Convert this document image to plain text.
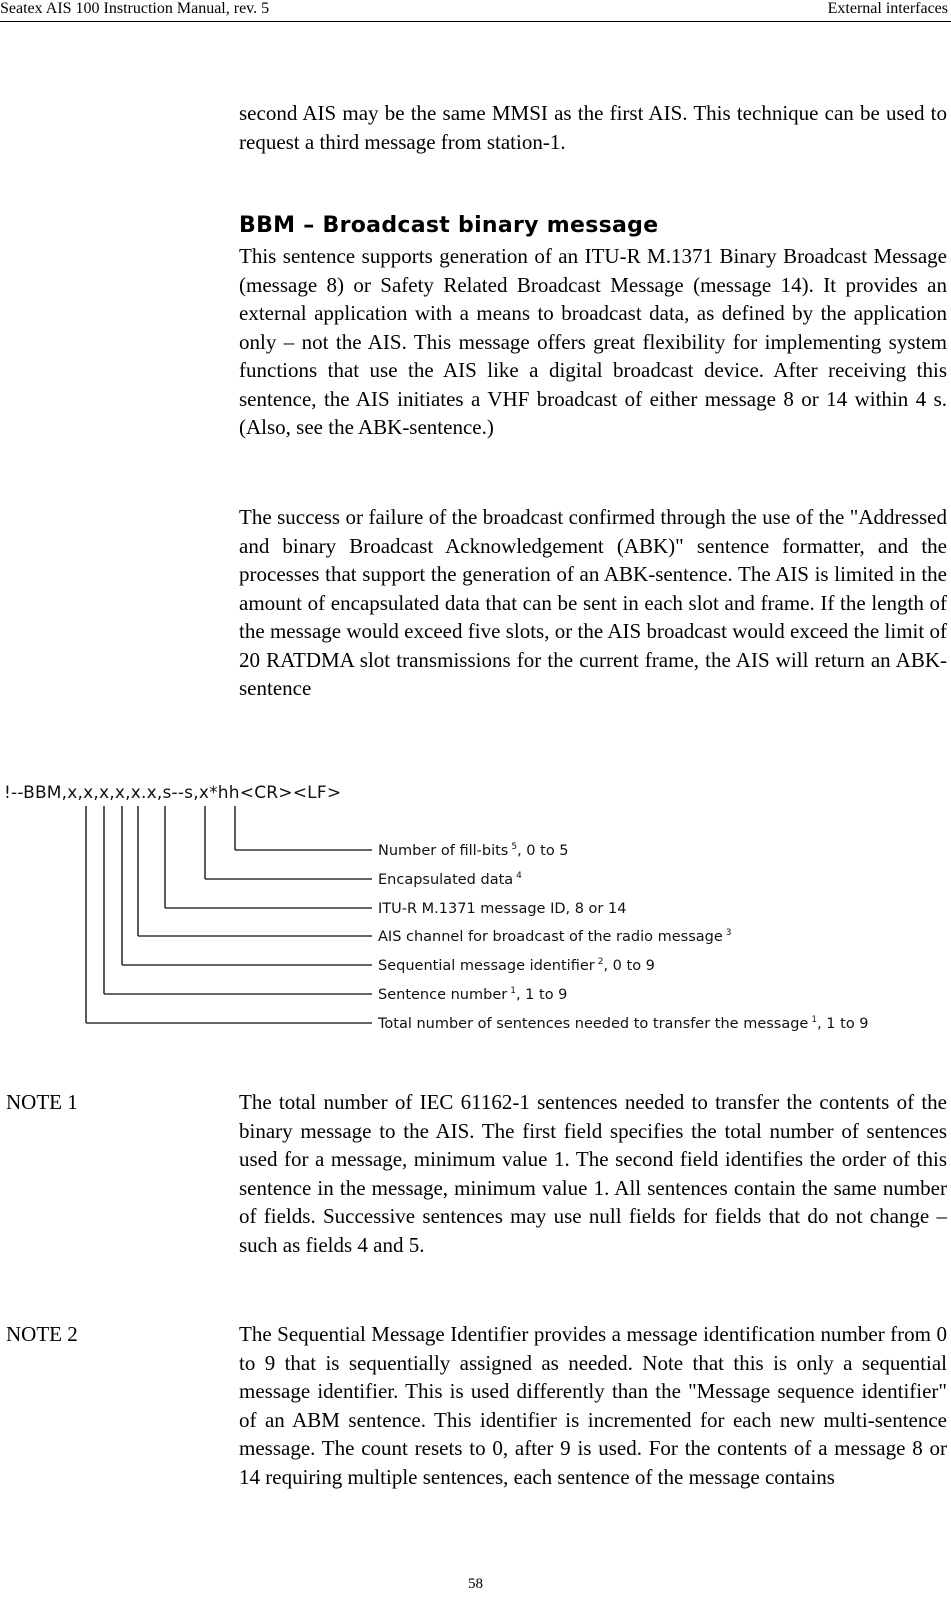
Seatex AIS 100 Instruction Manual, rev. 5	External interfaces
second AIS may be the same MMSI as the first AIS. This technique can be used to request a third message from station-1.
BBM – Broadcast binary message
This sentence supports generation of an ITU-R M.1371 Binary Broadcast Message (message 8) or Safety Related Broadcast Message (message 14). It provides an external application with a means to broadcast data, as defined by the application only – not the AIS. This message offers great flexibility for implementing system functions that use the AIS like a digital broadcast device. After receiving this sentence, the AIS initiates a VHF broadcast of either message 8 or 14 within 4 s. (Also, see the ABK-sentence.)
The success or failure of the broadcast confirmed through the use of the "Addressed and binary Broadcast Acknowledgement (ABK)" sentence formatter, and the processes that support the generation of an ABK-sentence. The AIS is limited in the amount of encapsulated data that can be sent in each slot and frame. If the length of the message would exceed five slots, or the AIS broadcast would exceed the limit of 20 RATDMA slot transmissions for the current frame, the AIS will return an ABK-sentence
!--BBM,x,x,x,x,x.x,s--s,x*hh<CR><LF>
Number of fill-bits $^5$, 0 to 5
Encapsulated data $^4$
ITU-R M.1371 message ID, 8 or 14
AIS channel for broadcast of the radio message $^3$
Sequential message identifier $^2$, 0 to 9
Sentence number $^1$, 1 to 9
Total number of sentences needed to transfer the message $^1$, 1 to 9
NOTE 1	The total number of IEC 61162-1 sentences needed to transfer the contents of the binary message to the AIS. The first field specifies the total number of sentences used for a message, minimum value 1. The second field identifies the order of this sentence in the message, minimum value 1. All sentences contain the same number of fields. Successive sentences may use null fields for fields that do not change – such as fields 4 and 5.
NOTE 2	The Sequential Message Identifier provides a message identification number from 0 to 9 that is sequentially assigned as needed. Note that this is only a sequential message identifier. This is used differently than the "Message sequence identifier" of an ABM sentence. This identifier is incremented for each new multi-sentence message. The count resets to 0, after 9 is used. For the contents of a message 8 or 14 requiring multiple sentences, each sentence of the message contains
58
